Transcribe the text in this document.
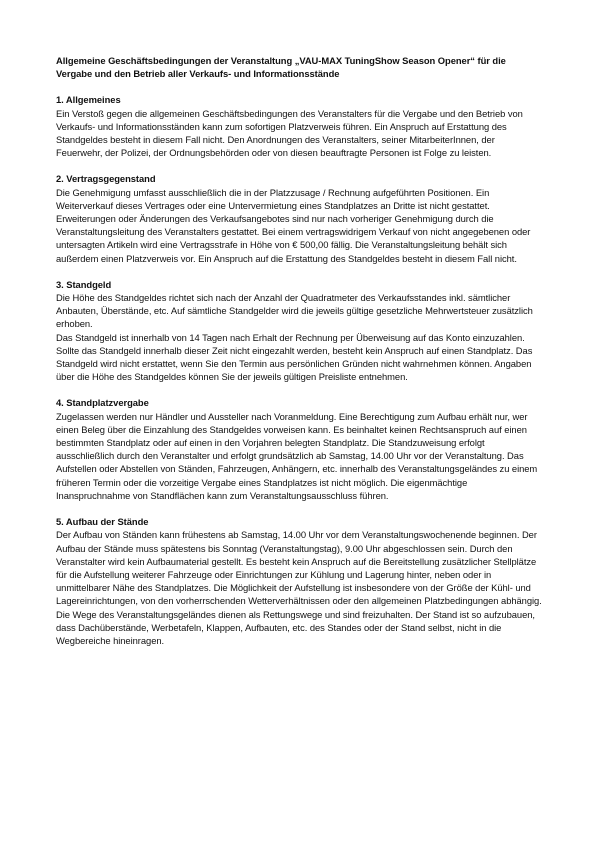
Allgemeine Geschäftsbedingungen der Veranstaltung „VAU-MAX TuningShow Season Opener“ für die Vergabe und den Betrieb aller Verkaufs- und Informationsstände
1. Allgemeines

Ein Verstoß gegen die allgemeinen Geschäftsbedingungen des Veranstalters für die Vergabe und den Betrieb von Verkaufs- und Informationsständen kann zum sofortigen Platzverweis führen. Ein Anspruch auf Erstattung des Standgeldes besteht in diesem Fall nicht. Den Anordnungen des Veranstalters, seiner MitarbeiterInnen, der Feuerwehr, der Polizei, der Ordnungsbehörden oder von diesen beauftragte Personen ist Folge zu leisten.

2. Vertragsgegenstand

Die Genehmigung umfasst ausschließlich die in der Platzzusage / Rechnung aufgeführten Positionen. Ein Weiterverkauf dieses Vertrages oder eine Untervermietung eines Standplatzes an Dritte ist nicht gestattet. Erweiterungen oder Änderungen des Verkaufsangebotes sind nur nach vorheriger Genehmigung durch die Veranstaltungsleitung des Veranstalters gestattet. Bei einem vertragswidrigem Verkauf von nicht angegebenen oder untersagten Artikeln wird eine Vertragsstrafe in Höhe von € 500,00 fällig. Die Veranstaltungsleitung behält sich außerdem einen Platzverweis vor. Ein Anspruch auf die Erstattung des Standgeldes besteht in diesem Fall nicht.

3. Standgeld

Die Höhe des Standgeldes richtet sich nach der Anzahl der Quadratmeter des Verkaufsstandes inkl. sämtlicher Anbauten, Überstände, etc. Auf sämtliche Standgelder wird die jeweils gültige gesetzliche Mehrwertsteuer zusätzlich erhoben.

Das Standgeld ist innerhalb von 14 Tagen nach Erhalt der Rechnung per Überweisung auf das Konto einzuzahlen. Sollte das Standgeld innerhalb dieser Zeit nicht eingezahlt werden, besteht kein Anspruch auf einen Standplatz. Das Standgeld wird nicht erstattet, wenn Sie den Termin aus persönlichen Gründen nicht wahrnehmen können. Angaben über die Höhe des Standgeldes können Sie der jeweils gültigen Preisliste entnehmen.

4. Standplatzvergabe

Zugelassen werden nur Händler und Aussteller nach Voranmeldung. Eine Berechtigung zum Aufbau erhält nur, wer einen Beleg über die Einzahlung des Standgeldes vorweisen kann. Es beinhaltet keinen Rechtsanspruch auf einen bestimmten Standplatz oder auf einen in den Vorjahren belegten Standplatz. Die Standzuweisung erfolgt ausschließlich durch den Veranstalter und erfolgt grundsätzlich ab Samstag, 14.00 Uhr vor der Veranstaltung. Das Aufstellen oder Abstellen von Ständen, Fahrzeugen, Anhängern, etc. innerhalb des Veranstaltungsgeländes zu einem früheren Termin oder die vorzeitige Vergabe eines Standplatzes ist nicht möglich. Die eigenmächtige Inanspruchnahme von Standflächen kann zum Veranstaltungsausschluss führen.

5. Aufbau der Stände

Der Aufbau von Ständen kann frühestens ab Samstag, 14.00 Uhr vor dem Veranstaltungswochenende beginnen. Der Aufbau der Stände muss spätestens bis Sonntag (Veranstaltungstag), 9.00 Uhr abgeschlossen sein. Durch den Veranstalter wird kein Aufbaumaterial gestellt. Es besteht kein Anspruch auf die Bereitstellung zusätzlicher Stellplätze für die Aufstellung weiterer Fahrzeuge oder Einrichtungen zur Kühlung und Lagerung hinter, neben oder in unmittelbarer Nähe des Standplatzes. Die Möglichkeit der Aufstellung ist insbesondere von der Größe der Kühl- und Lagereinrichtungen, von den vorherrschenden Wetterverhältnissen oder den allgemeinen Platzbedingungen abhängig. Die Wege des Veranstaltungsgeländes dienen als Rettungswege und sind freizuhalten. Der Stand ist so aufzubauen, dass Dachüberstände, Werbetafeln, Klappen, Aufbauten, etc. des Standes oder der Stand selbst, nicht in die Wegbereiche hineinragen.
